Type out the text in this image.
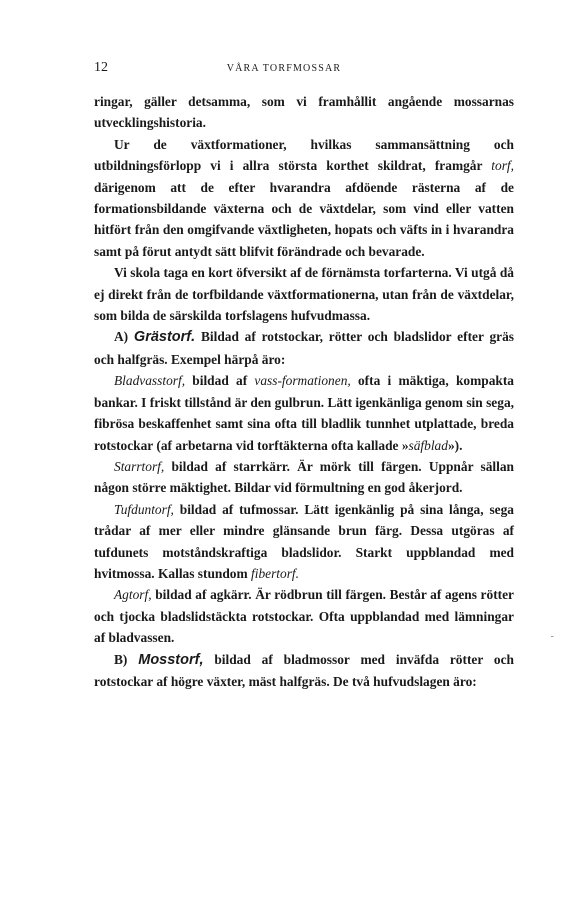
12	VÅRA TORFMOSSAR

ringar, gäller detsamma, som vi framhållit angående mossarnas utvecklingshistoria.

Ur de växtformationer, hvilkas sammansättning och utbildningsförlopp vi i allra största korthet skildrat, framgår torf, därigenom att de efter hvarandra afdöende rästerna af de formationsbildande växterna och de växtdelar, som vind eller vatten hitfört från den omgifvande växtligheten, hopats och väfts in i hvarandra samt på förut antydt sätt blifvit förändrade och bevarade.

Vi skola taga en kort öfversikt af de förnämsta torfarterna. Vi utgå då ej direkt från de torfbildande växtformationerna, utan från de växtdelar, som bilda de särskilda torfslagens hufvudmassa.

A) Grästorf. Bildad af rotstockar, rötter och bladslidor efter gräs och halfgräs. Exempel härpå äro:

Bladvasstorf, bildad af vass-formationen, ofta i mäktiga, kompakta bankar. I friskt tillstånd är den gulbrun. Lätt igenkänliga genom sin sega, fibrösa beskaffenhet samt sina ofta till bladlik tunnhet utplattade, breda rotstockar (af arbetarna vid torftäkterna ofta kallade »säfblad»).

Starrtorf, bildad af starrkärr. Är mörk till färgen. Uppnår sällan någon större mäktighet. Bildar vid förmultning en god åkerjord.

Tufduntorf, bildad af tufmossar. Lätt igenkänlig på sina långa, sega trådar af mer eller mindre glänsande brun färg. Dessa utgöras af tufdunets motståndskraftiga bladslidor. Starkt uppblandad med hvitmossa. Kallas stundom fibertorf.

Agtorf, bildad af agkärr. Är rödbrun till färgen. Består af agens rötter och tjocka bladslidstäckta rotstockar. Ofta uppblandad med lämningar af bladvassen.

B) Mosstorf, bildad af bladmossor med inväfda rötter och rotstockar af högre växter, mäst halfgräs. De två hufvudslagen äro:

-
